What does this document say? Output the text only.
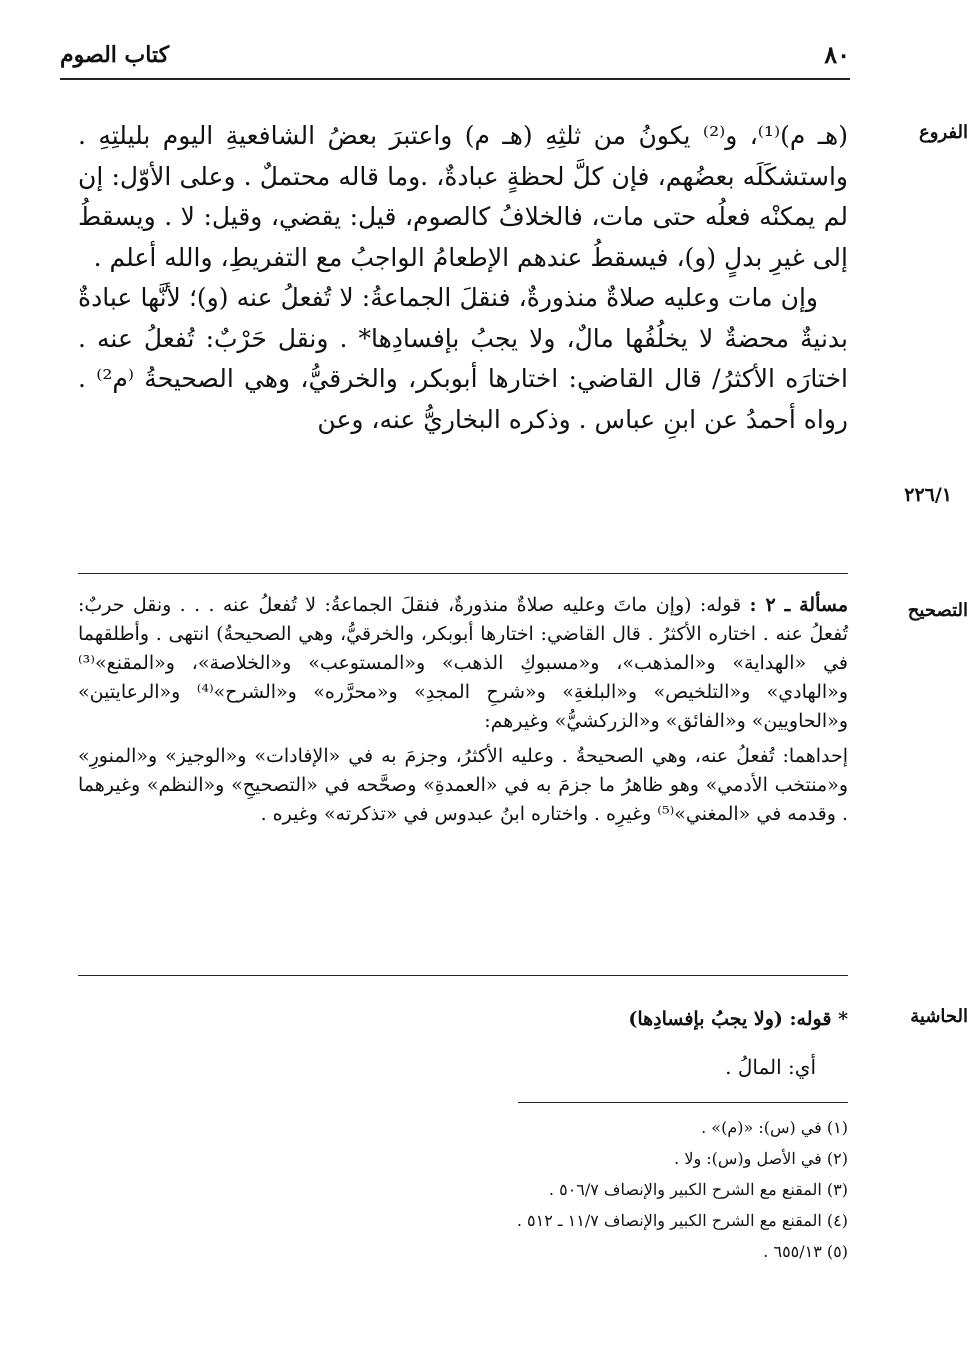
٨٠
كتاب الصوم
الفروع
٢٢٦/١

(هـ م)⁽¹⁾، و⁽²⁾ يكونُ من ثلثِهِ (هـ م) واعتبرَ بعضُ الشافعيةِ اليوم بليلتِهِ . واستشكَلَه بعضُهم، فإن كلَّ لحظةٍ عبادةٌ، .وما قاله محتملٌ . وعلى الأوّل: إن لم يمكنْه فعلُه حتى مات، فالخلافُ كالصوم، قيل: يقضي، وقيل: لا . ويسقطُ إلى غيرِ بدلٍ (و)، فيسقطُ عندهم الإطعامُ الواجبُ مع التفريطِ، والله أعلم .

وإن مات وعليه صلاةٌ منذورةٌ، فنقلَ الجماعةُ: لا تُفعلُ عنه (و)؛ لأنَّها عبادةٌ بدنيةٌ محضةٌ لا يخلُفُها مالٌ، ولا يجبُ بإفسادِها* . ونقل حَرْبٌ: تُفعلُ عنه . اختارَه الأكثرُ/ قال القاضي: اختارها أبوبكر، والخرقيُّ، وهي الصحيحةُ ⁽م²⁾ . رواه أحمدُ عن ابنِ عباس . وذكره البخاريُّ عنه، وعن

التصحيح

مسألة ـ ٢ : قوله: (وإن ماتَ وعليه صلاةٌ منذورةٌ، فنقلَ الجماعةُ: لا تُفعلُ عنه . . . ونقل حربٌ: تُفعلُ عنه . اختاره الأكثرُ . قال القاضي: اختارها أبوبكر، والخرقيُّ، وهي الصحيحةُ) انتهى . وأطلقهما في «الهداية» و«المذهب»، و«مسبوكِ الذهب» و«المستوعب» و«الخلاصة»، و«المقنع»⁽³⁾ و«الهادي» و«التلخيص» و«البلغةِ» و«شرحِ المجدِ» و«محرَّره» و«الشرح»⁽⁴⁾ و«الرعايتين» و«الحاويين» و«الفائق» و«الزركشيُّ» وغيرهم:

إحداهما: تُفعلُ عنه، وهي الصحيحةُ . وعليه الأكثرُ، وجزمَ به في «الإفادات» و«الوجيز» و«المنورِ» و«منتخب الأدمي» وهو ظاهرُ ما جزمَ به في «العمدةِ» وصحَّحه في «التصحيحِ» و«النظم» وغيرهما . وقدمه في «المغني»⁽⁵⁾ وغيرِه . واختاره ابنُ عبدوس في «تذكرته» وغيره .

الحاشية

* قوله: (ولا يجبُ بإفسادِها)

أي: المالُ .

(١) في (س): «(م)» .
(٢) في الأصل و(س): ولا .
(٣) المقنع مع الشرح الكبير والإنصاف ٥٠٦/٧ .
(٤) المقنع مع الشرح الكبير والإنصاف ١١/٧ ـ ٥١٢ .
(٥) ٦٥٥/١٣ .
